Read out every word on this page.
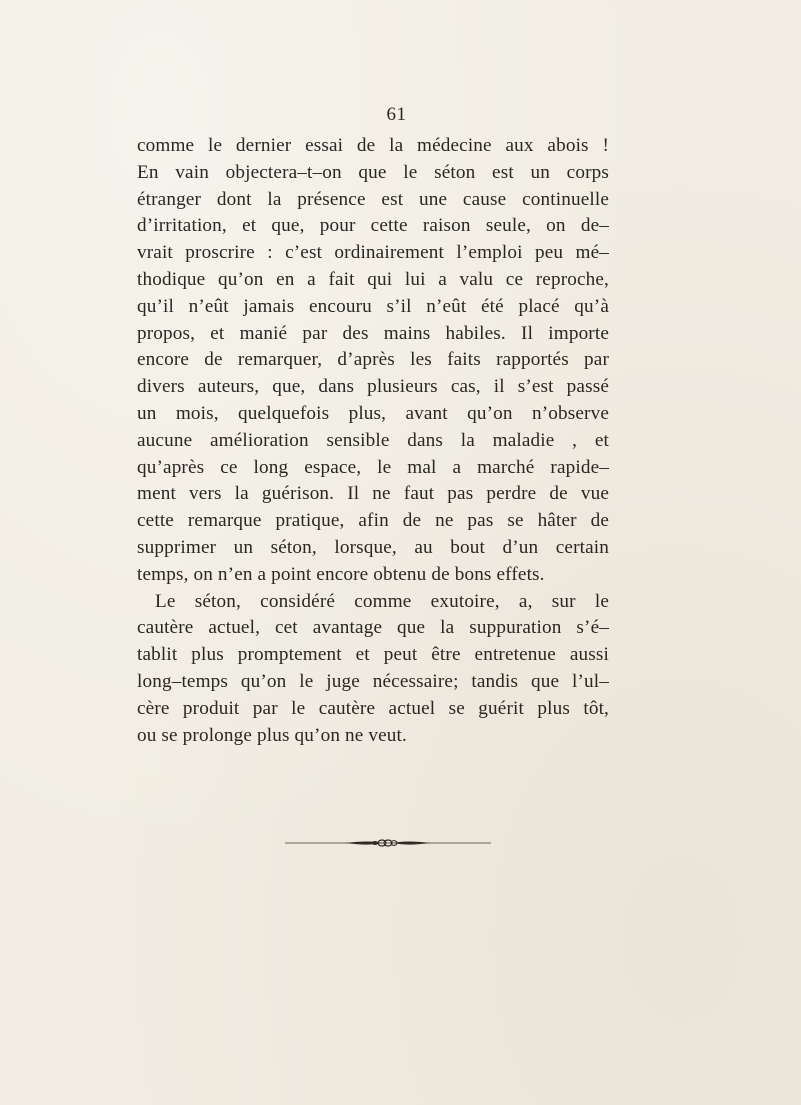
61
comme le dernier essai de la médecine aux abois !
En vain objectera–t–on que le séton est un corps
étranger dont la présence est une cause continuelle
d’irritation, et que, pour cette raison seule, on de–
vrait proscrire : c’est ordinairement l’emploi peu mé–
thodique qu’on en a fait qui lui a valu ce reproche,
qu’il n’eût jamais encouru s’il n’eût été placé qu’à
propos, et manié par des mains habiles. Il importe
encore de remarquer, d’après les faits rapportés par
divers auteurs, que, dans plusieurs cas, il s’est passé
un mois, quelquefois plus, avant qu’on n’observe
aucune amélioration sensible dans la maladie , et
qu’après ce long espace, le mal a marché rapide–
ment vers la guérison. Il ne faut pas perdre de vue
cette remarque pratique, afin de ne pas se hâter de
supprimer un séton, lorsque, au bout d’un certain
temps, on n’en a point encore obtenu de bons effets.
Le séton, considéré comme exutoire, a, sur le
cautère actuel, cet avantage que la suppuration s’é–
tablit plus promptement et peut être entretenue aussi
long–temps qu’on le juge nécessaire; tandis que l’ul–
cère produit par le cautère actuel se guérit plus tôt,
ou se prolonge plus qu’on ne veut.
